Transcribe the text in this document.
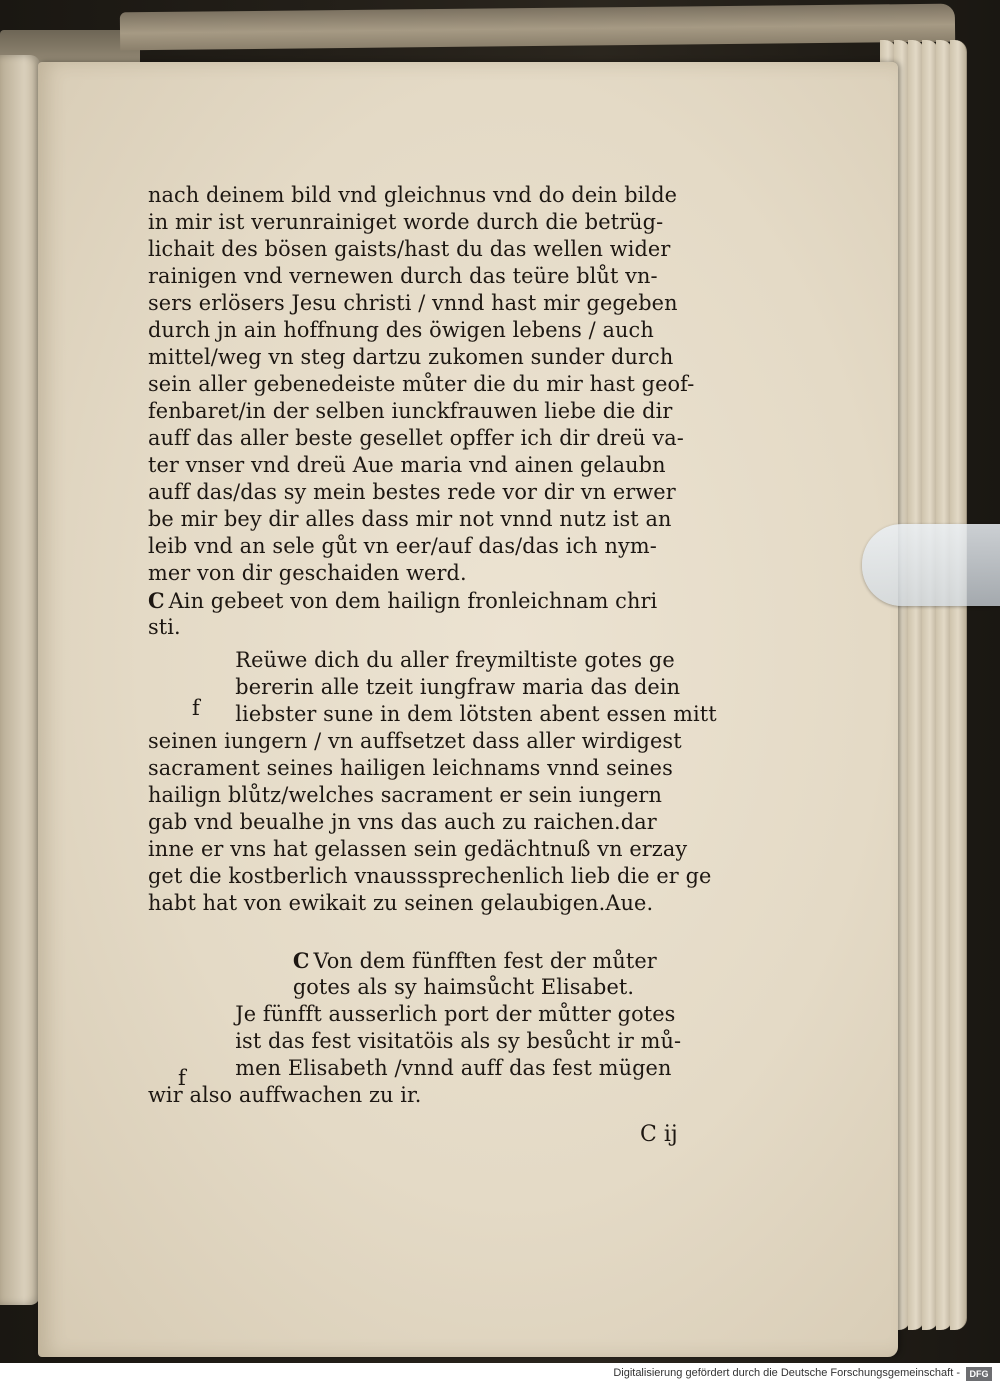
nach deinem bild vnd gleichnus vnd do dein bilde
in mir ist verunrainiget worde durch die betrüg-
lichait des bösen gaists/hast du das wellen wider
rainigen vnd vernewen durch das teüre blůt vn-
sers erlösers Jesu christi / vnnd hast mir gegeben
durch jn ain hoffnung des öwigen lebens / auch
mittel/weg vn steg dartzu zukomen sunder durch
sein aller gebenedeiste můter die du mir hast geof-
fenbaret/in der selben iunckfrauwen liebe die dir
auff das aller beste gesellet opffer ich dir dreü va-
ter vnser vnd dreü Aue maria vnd ainen gelaubn
auff das/das sy mein bestes rede vor dir vn erwer
be mir bey dir alles dass mir not vnnd nutz ist an
leib vnd an sele gůt vn eer/auf das/das ich nym-
mer von dir geschaiden werd.
C Ain gebeet von dem hailign fronleichnam chri
sti.
Reüwe dich du aller freymiltiste gotes ge
bererin alle tzeit iungfraw maria das dein
liebster sune in dem lötsten abent essen mitt
seinen iungern / vn auffsetzet dass aller wirdigest
sacrament seines hailigen leichnams vnnd seines
hailign blůtz/welches sacrament er sein iungern
gab vnd beualhe jn vns das auch zu raichen.dar
inne er vns hat gelassen sein gedächtnuß vn erzay
get die kostberlich vnausssprechenlich lieb die er ge
habt hat von ewikait zu seinen gelaubigen.Aue.
C Von dem fünfften fest der můter
gotes als sy haimsůcht Elisabet.
Je fünfft ausserlich port der můtter gotes
ist das fest visitatöis als sy besůcht ir mů-
men Elisabeth /vnnd auff das fest mügen
wir also auffwachen zu ir.
f
f
C ij
Digitalisierung gefördert durch die Deutsche Forschungsgemeinschaft -	DFG
